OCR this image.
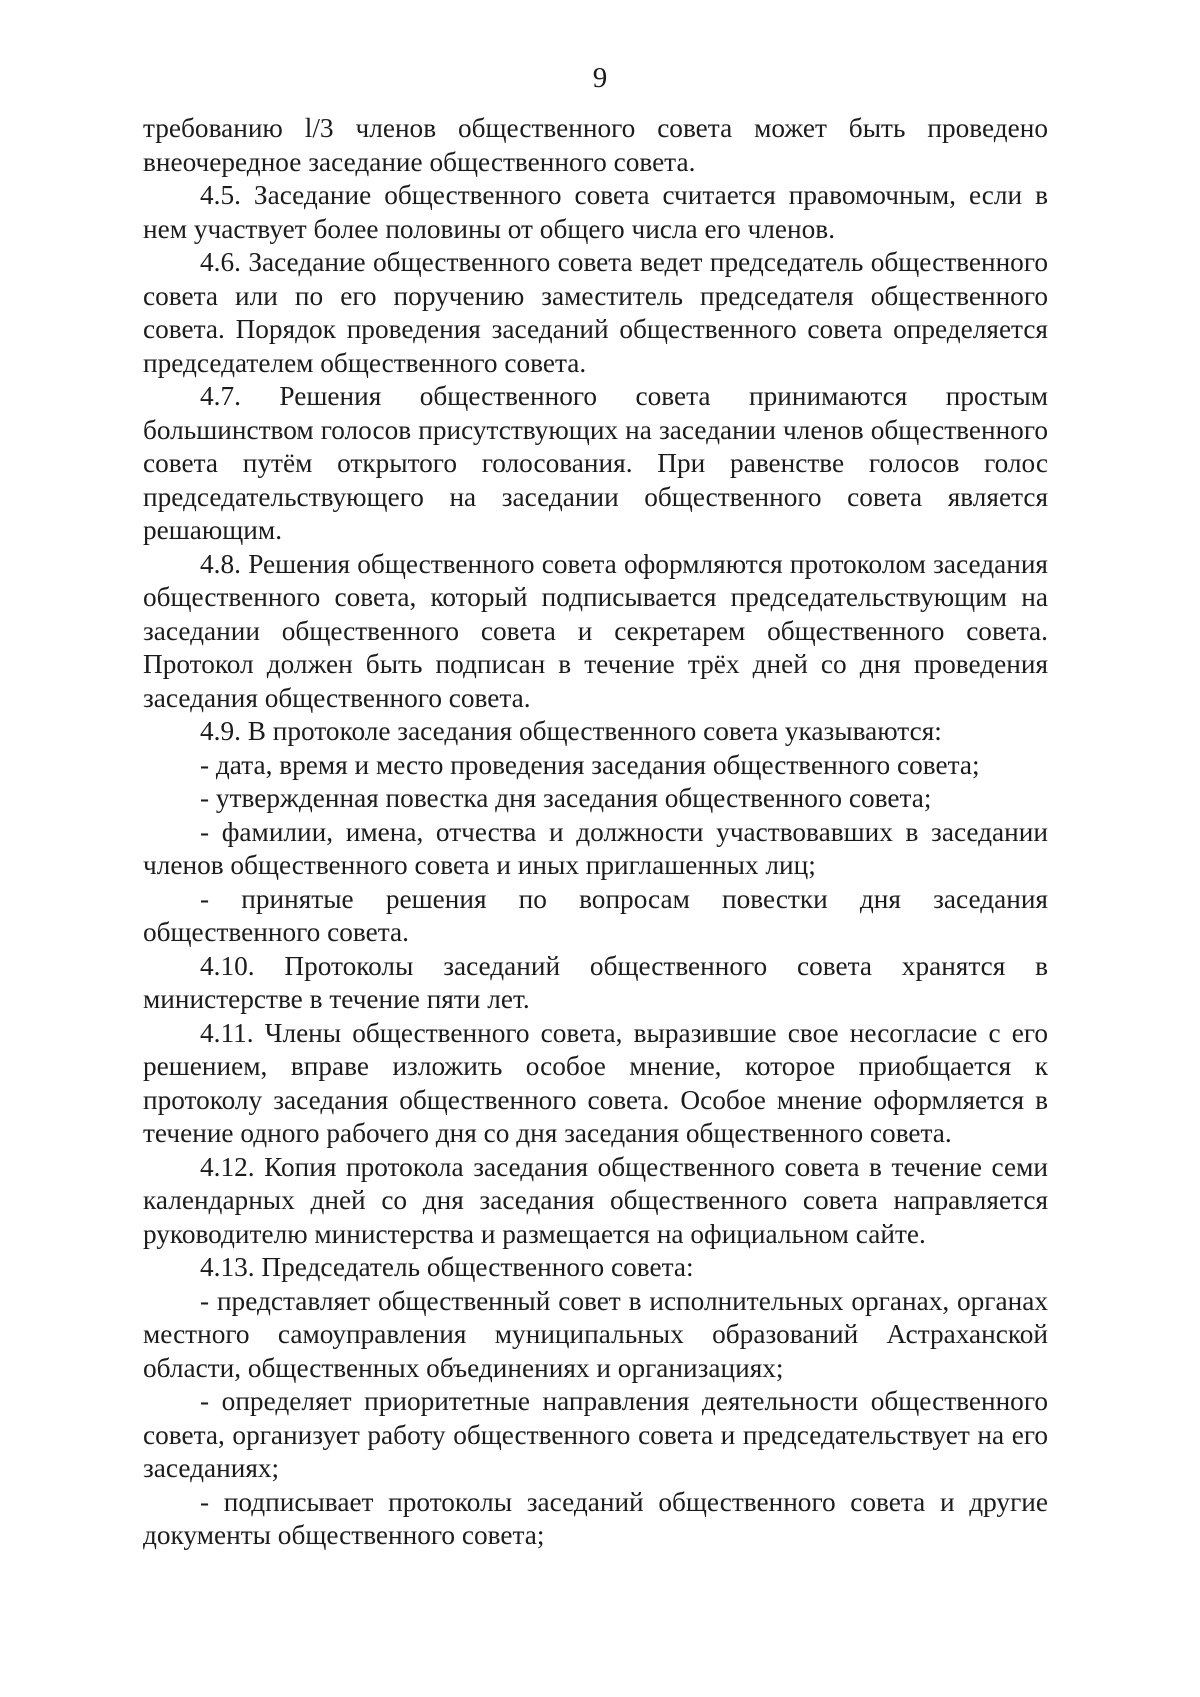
9

требованию l/3 членов общественного совета может быть проведено внеочередное заседание общественного совета.

4.5. Заседание общественного совета считается правомочным, если в нем участвует более половины от общего числа его членов.

4.6. Заседание общественного совета ведет председатель общественного совета или по его поручению заместитель председателя общественного совета. Порядок проведения заседаний общественного совета определяется председателем общественного совета.

4.7. Решения общественного совета принимаются простым большинством голосов присутствующих на заседании членов общественного совета путём открытого голосования. При равенстве голосов голос председательствующего на заседании общественного совета является решающим.

4.8. Решения общественного совета оформляются протоколом заседания общественного совета, который подписывается председательствующим на заседании общественного совета и секретарем общественного совета. Протокол должен быть подписан в течение трёх дней со дня проведения заседания общественного совета.

4.9. В протоколе заседания общественного совета указываются:

- дата, время и место проведения заседания общественного совета;

- утвержденная повестка дня заседания общественного совета;

- фамилии, имена, отчества и должности участвовавших в заседании членов общественного совета и иных приглашенных лиц;

- принятые решения по вопросам повестки дня заседания общественного совета.

4.10. Протоколы заседаний общественного совета хранятся в министерстве в течение пяти лет.

4.11. Члены общественного совета, выразившие свое несогласие с его решением, вправе изложить особое мнение, которое приобщается к протоколу заседания общественного совета. Особое мнение оформляется в течение одного рабочего дня со дня заседания общественного совета.

4.12. Копия протокола заседания общественного совета в течение семи календарных дней со дня заседания общественного совета направляется руководителю министерства и размещается на официальном сайте.

4.13. Председатель общественного совета:

- представляет общественный совет в исполнительных органах, органах местного самоуправления муниципальных образований Астраханской области, общественных объединениях и организациях;

- определяет приоритетные направления деятельности общественного совета, организует работу общественного совета и председательствует на его заседаниях;

- подписывает протоколы заседаний общественного совета и другие документы общественного совета;
